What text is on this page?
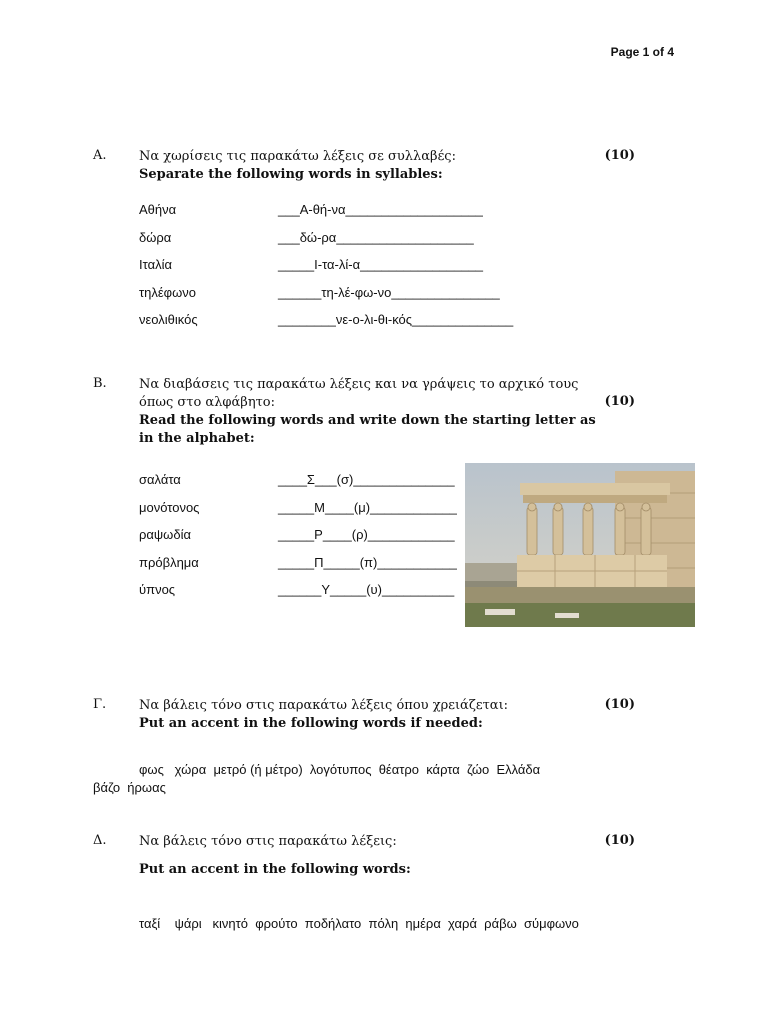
Page 1 of 4
Α.	(10)
Να χωρίσεις τις παρακάτω λέξεις σε συλλαβές:
Separate the following words in syllables:
Αθήνα	___Α-θή-να___________________
δώρα	___δώ-ρα___________________
Ιταλία	_____Ι-τα-λί-α_________________
τηλέφωνο	______τη-λέ-φω-νο_______________
νεολιθικός	________νε-ο-λι-θι-κός______________
Β.
(10)
Να διαβάσεις τις παρακάτω λέξεις και να γράψεις το αρχικό τους
όπως στο αλφάβητο:
Read the following words and write down the starting letter as
in the alphabet:
σαλάτα	____Σ___(σ)______________
μονότονος	_____Μ____(μ)____________
ραψωδία	_____Ρ____(ρ)____________
πρόβλημα	_____Π_____(π)___________
ύπνος	______Υ_____(υ)__________
Γ.	(10)
Να βάλεις τόνο στις παρακάτω λέξεις όπου χρειάζεται:
Put an accent in the following words if needed:
φως   χώρα  μετρό (ή μέτρο)  λογότυπος  θέατρο  κάρτα  ζώο  Ελλάδα
βάζο  ήρωας
Δ.	(10)
Να βάλεις τόνο στις παρακάτω λέξεις:
Put an accent in the following words:
ταξί    ψάρι   κινητό  φρούτο  ποδήλατο  πόλη  ημέρα  χαρά  ράβω  σύμφωνο
